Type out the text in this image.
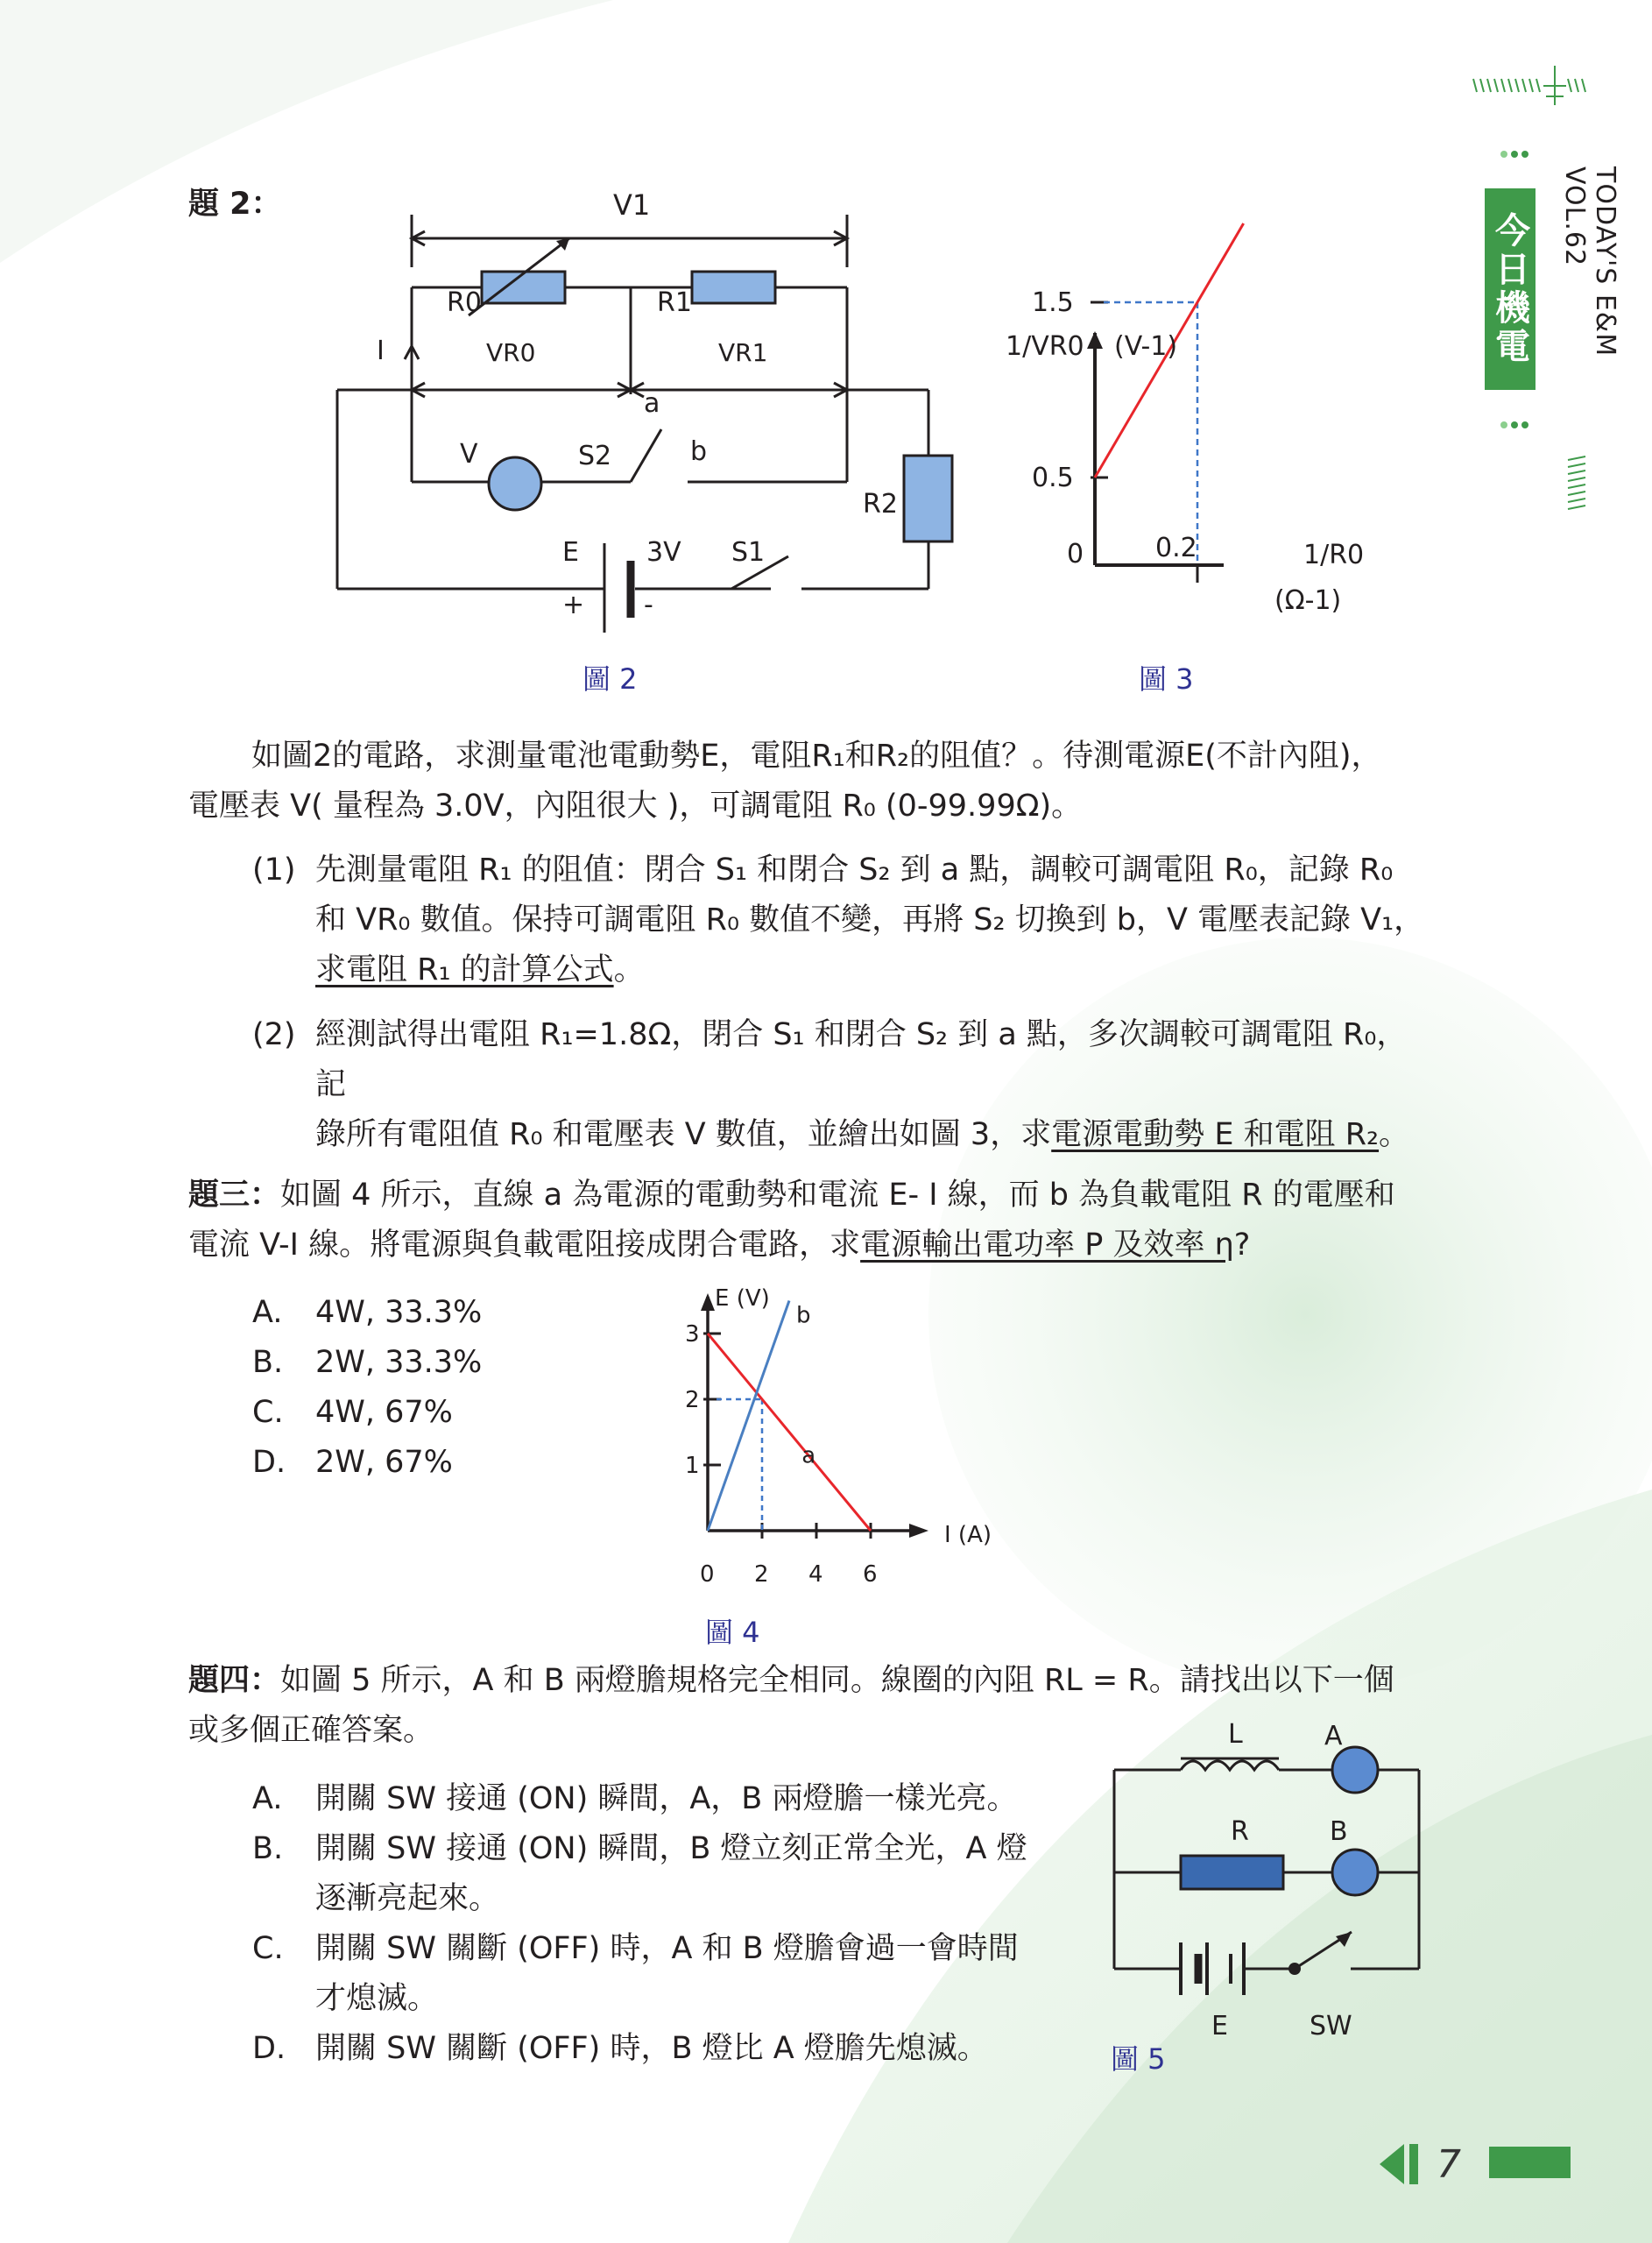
今日機電 TODAY'S E&M VOL.62
題 2：	V1
R0	R1
VR0	VR1
I
V	S2
a
b
R2
E	3V S1
+ -
圖 2
0.5
1.5
0	0.2
1/VR0 (V-1)
1/R0
(Ω-1)
圖 3
如圖2的電路，求測量電池電動勢E，電阻R₁和R₂的阻值？。待測電源E(不計內阻)，
電壓表 V( 量程為 3.0V，內阻很大 )，可調電阻 R₀ (0-99.99Ω)。
(1) 先測量電阻 R₁ 的阻值：閉合 S₁ 和閉合 S₂ 到 a 點，調較可調電阻 R₀，記錄 R₀
和 VR₀ 數值。保持可調電阻 R₀ 數值不變，再將 S₂ 切換到 b，V 電壓表記錄 V₁，
求電阻 R₁ 的計算公式。
(2) 經測試得出電阻 R₁=1.8Ω，閉合 S₁ 和閉合 S₂ 到 a 點，多次調較可調電阻 R₀，記
錄所有電阻值 R₀ 和電壓表 V 數值，並繪出如圖 3，求電源電動勢 E 和電阻 R₂。
題三：如圖 4 所示，直線 a 為電源的電動勢和電流 E- I 線，而 b 為負載電阻 R 的電壓和
電流 V-I 線。將電源與負載電阻接成閉合電路，求電源輸出電功率 P 及效率 η?
A. 4W, 33.3%
B. 2W, 33.3%
C. 4W, 67%
D. 2W, 67%
0 2 4 6
1
2
3
E (V)
I (A)
b
a
圖 4
題四：如圖 5 所示，A 和 B 兩燈膽規格完全相同。線圈的內阻 RL = R。請找出以下一個
或多個正確答案。
A. 開關 SW 接通 (ON) 瞬間，A，B 兩燈膽一樣光亮。
B. 開關 SW 接通 (ON) 瞬間，B 燈立刻正常全光，A 燈
逐漸亮起來。
C. 開關 SW 關斷 (OFF) 時，A 和 B 燈膽會過一會時間
才熄滅。
D. 開關 SW 關斷 (OFF) 時，B 燈比 A 燈膽先熄滅。
L	A
R	B
E	SW
圖 5
7
